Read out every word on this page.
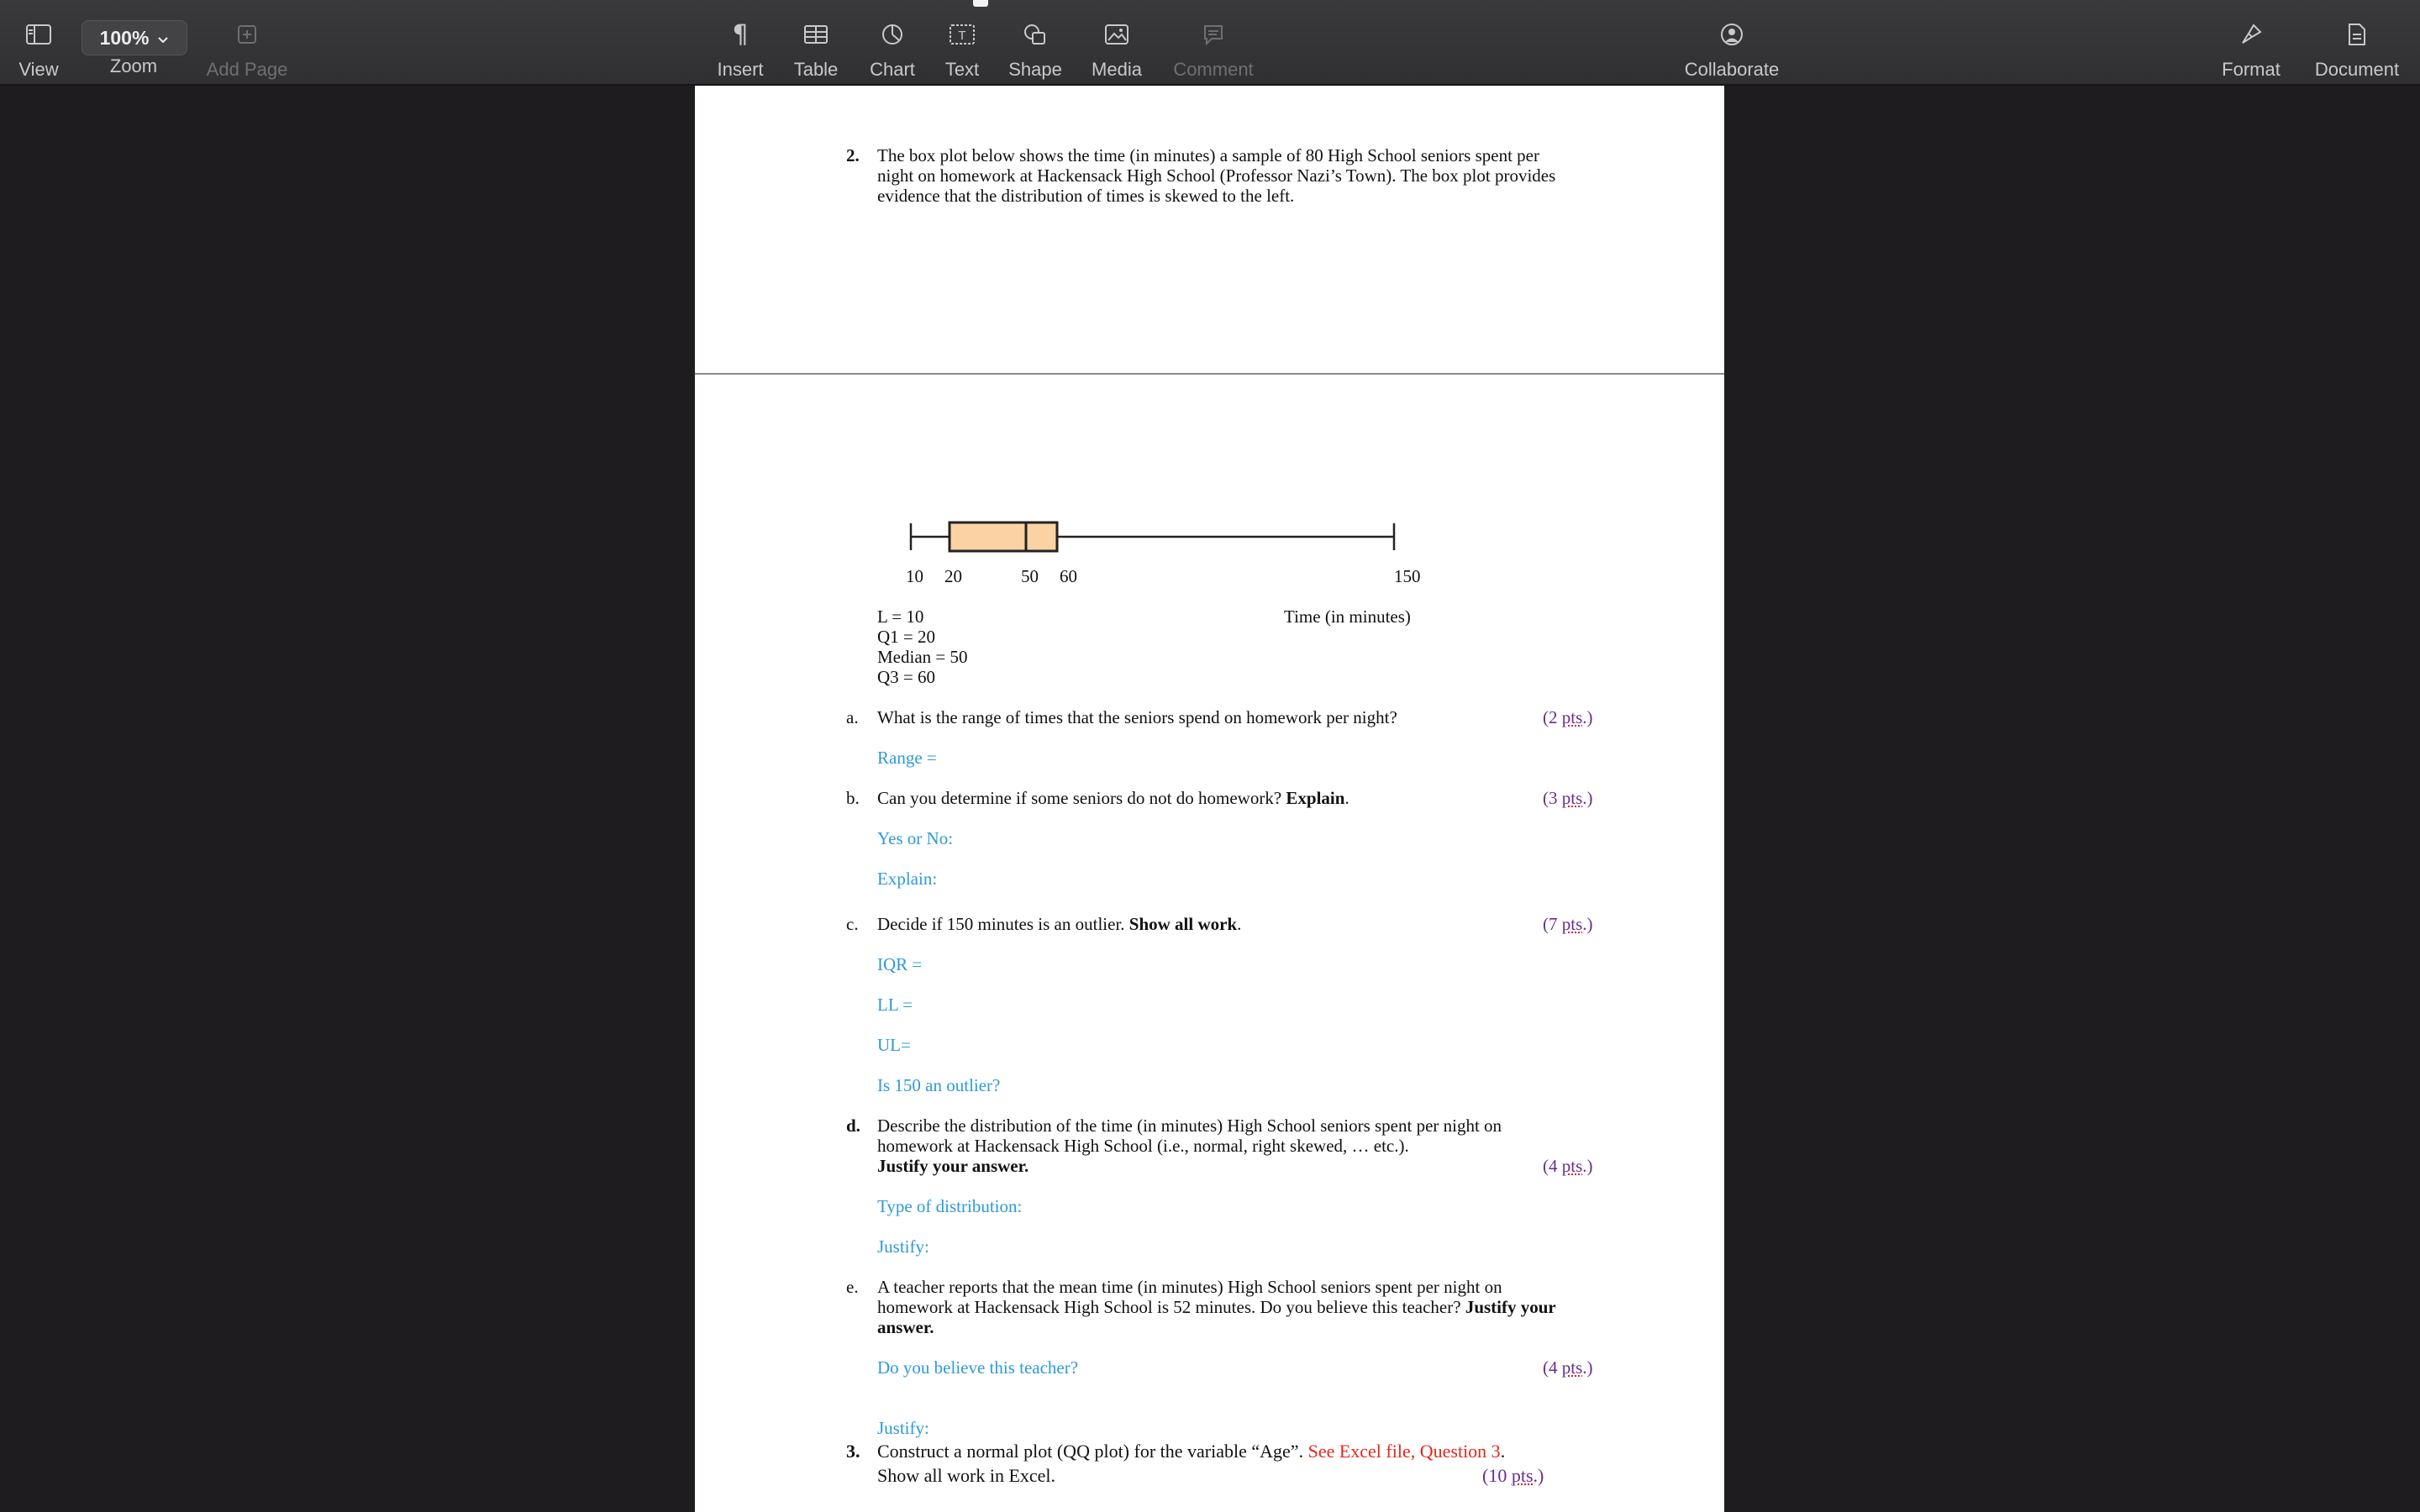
View
100%
Zoom	Add Page
¶
Insert Table Chart
T
Text Shape Media Comment	Collaborate	Format Document
2. The box plot below shows the time (in minutes) a sample of 80 High School seniors spent per
night on homework at Hackensack High School (Professor Nazi’s Town). The box plot provides
evidence that the distribution of times is skewed to the left.
10 20	50 60	150
L = 10	Time (in minutes)
Q1 = 20
Median = 50
Q3 = 60
a. What is the range of times that the seniors spend on homework per night?	(2 pts.)
Range =
b. Can you determine if some seniors do not do homework? Explain.	(3 pts.)
Yes or No:
Explain:
c. Decide if 150 minutes is an outlier. Show all work.	(7 pts.)
IQR =
LL =
UL=
Is 150 an outlier?
d. Describe the distribution of the time (in minutes) High School seniors spent per night on
homework at Hackensack High School (i.e., normal, right skewed, … etc.).
Justify your answer.	(4 pts.)
Type of distribution:
Justify:
e. A teacher reports that the mean time (in minutes) High School seniors spent per night on
homework at Hackensack High School is 52 minutes. Do you believe this teacher? Justify your
answer.
Do you believe this teacher?	(4 pts.)
Justify:
3. Construct a normal plot (QQ plot) for the variable “Age”. See Excel file, Question 3.
Show all work in Excel.	(10 pts.)
